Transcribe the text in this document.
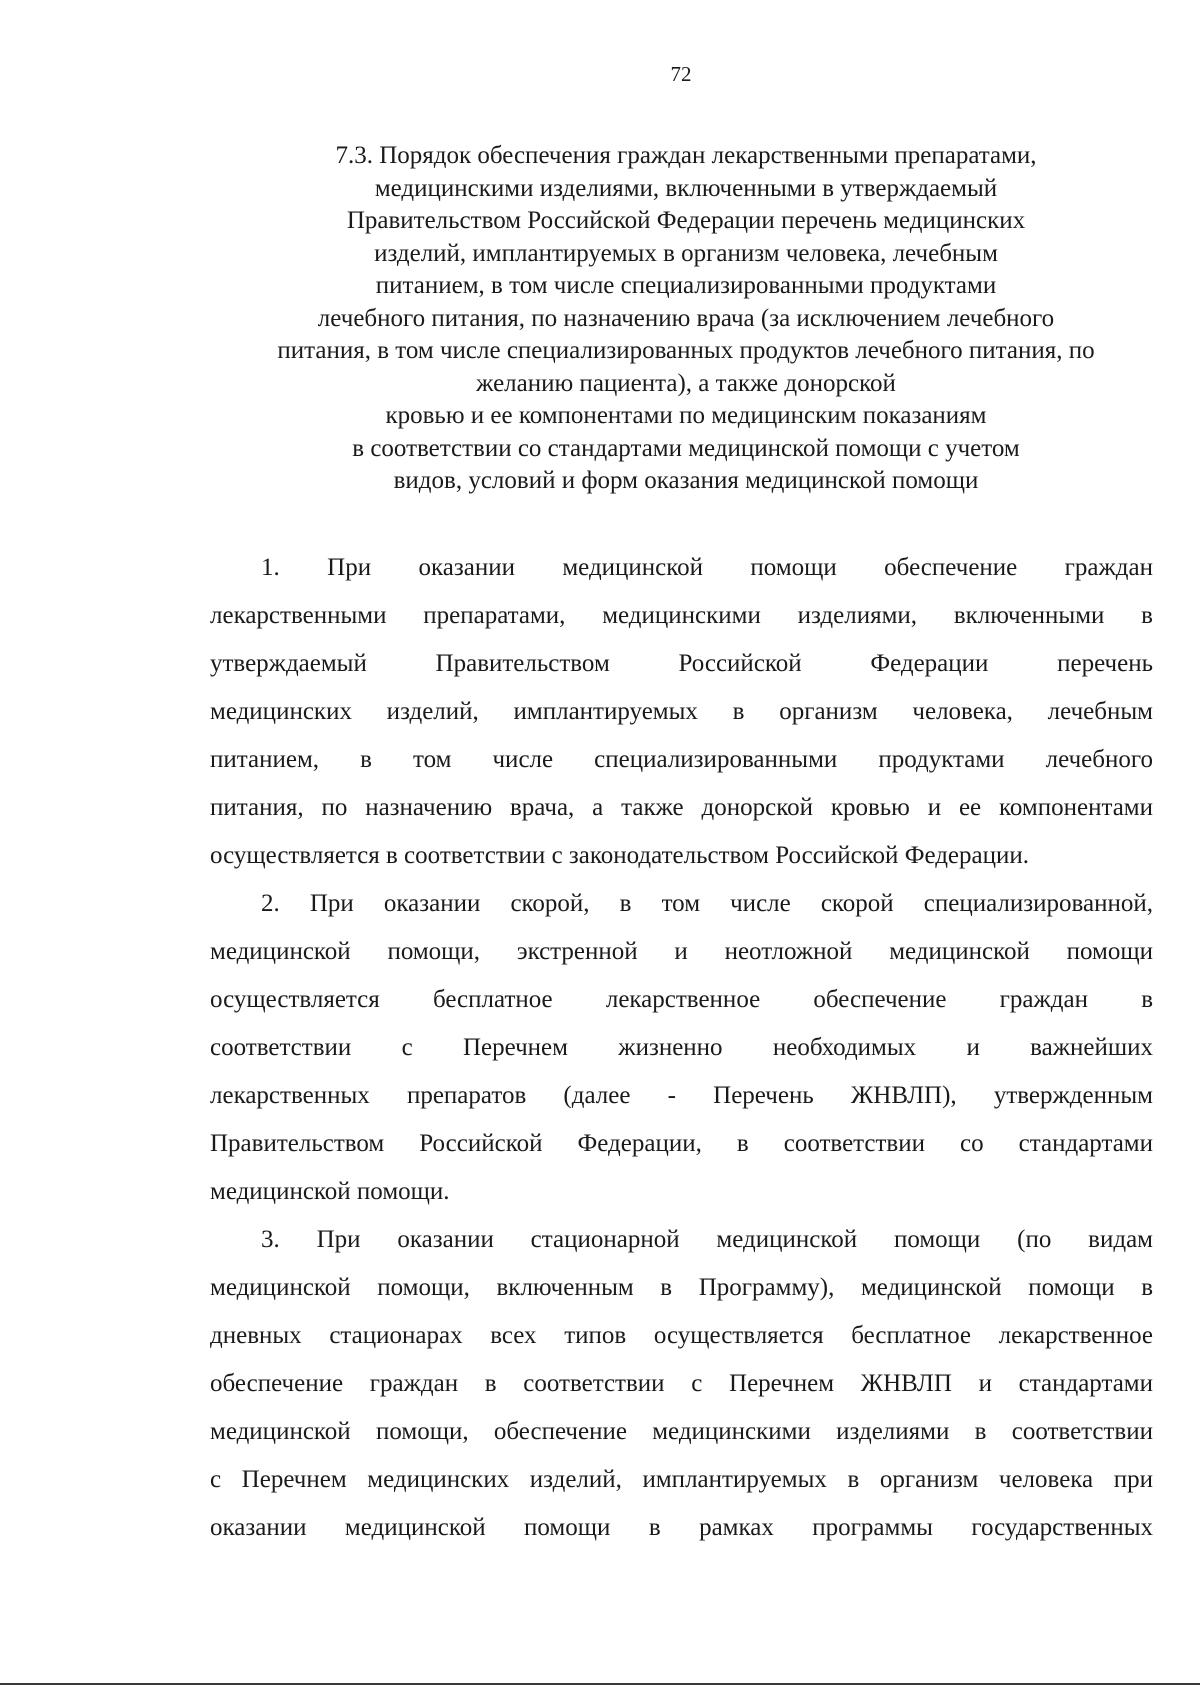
72
7.3. Порядок обеспечения граждан лекарственными препаратами,
медицинскими изделиями, включенными в утверждаемый
Правительством Российской Федерации перечень медицинских
изделий, имплантируемых в организм человека, лечебным
питанием, в том числе специализированными продуктами
лечебного питания, по назначению врача (за исключением лечебного
питания, в том числе специализированных продуктов лечебного питания, по
желанию пациента), а также донорской
кровью и ее компонентами по медицинским показаниям
в соответствии со стандартами медицинской помощи с учетом
видов, условий и форм оказания медицинской помощи

1. При оказании медицинской помощи обеспечение граждан
лекарственными препаратами, медицинскими изделиями, включенными в
утверждаемый Правительством Российской Федерации перечень
медицинских изделий, имплантируемых в организм человека, лечебным
питанием, в том числе специализированными продуктами лечебного
питания, по назначению врача, а также донорской кровью и ее компонентами
осуществляется в соответствии с законодательством Российской Федерации.

2. При оказании скорой, в том числе скорой специализированной,
медицинской помощи, экстренной и неотложной медицинской помощи
осуществляется бесплатное лекарственное обеспечение граждан в
соответствии с Перечнем жизненно необходимых и важнейших
лекарственных препаратов (далее - Перечень ЖНВЛП), утвержденным
Правительством Российской Федерации, в соответствии со стандартами
медицинской помощи.

3. При оказании стационарной медицинской помощи (по видам
медицинской помощи, включенным в Программу), медицинской помощи в
дневных стационарах всех типов осуществляется бесплатное лекарственное
обеспечение граждан в соответствии с Перечнем ЖНВЛП и стандартами
медицинской помощи, обеспечение медицинскими изделиями в соответствии
с Перечнем медицинских изделий, имплантируемых в организм человека при
оказании медицинской помощи в рамках программы государственных
